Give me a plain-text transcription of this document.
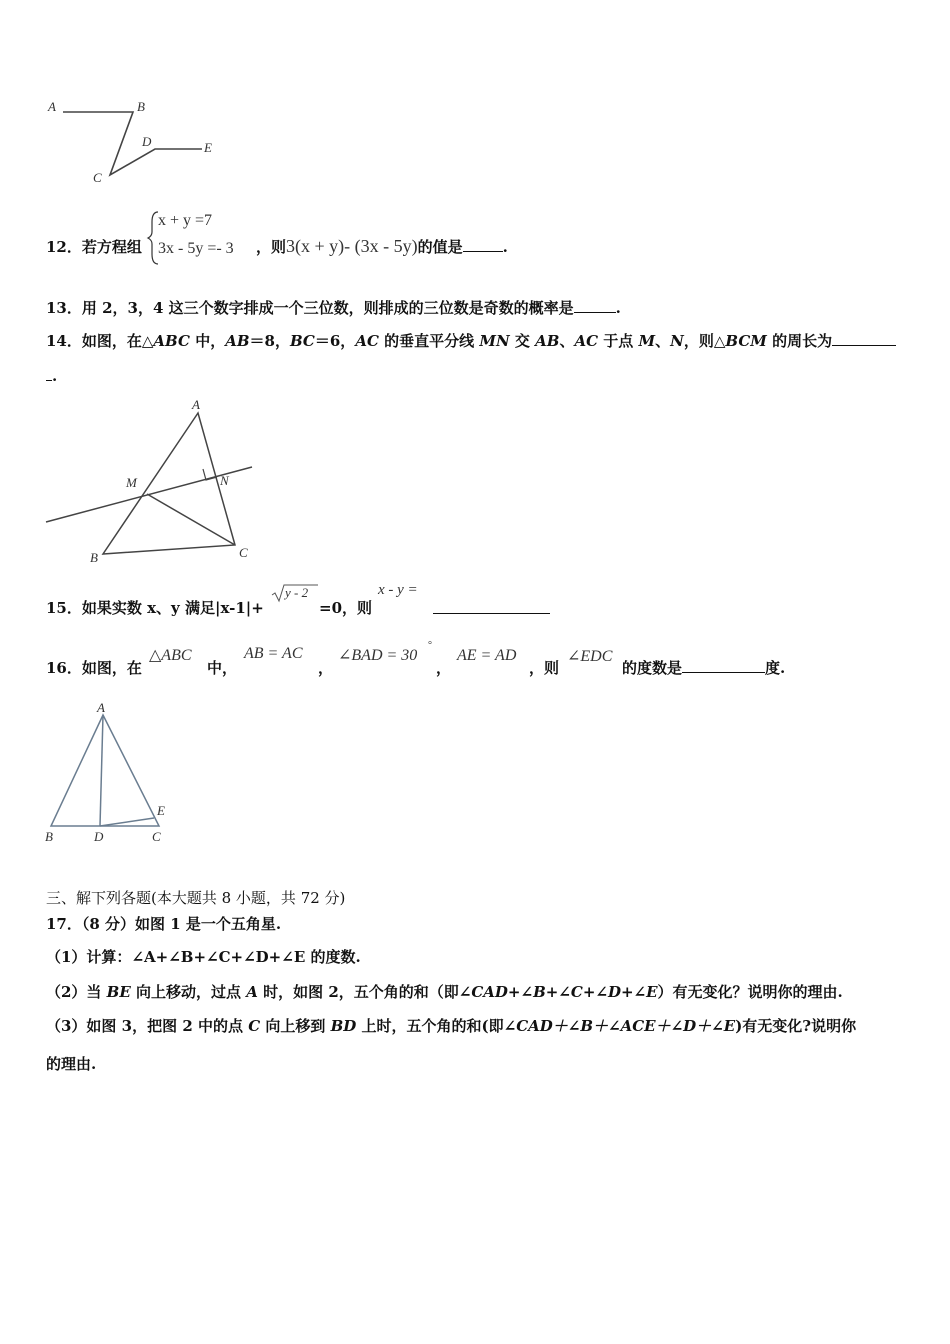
A	B
C
D	E
12．若方程组
x + y =7
3x - 5y =- 3 ，则3(x + y)- (3x - 5y)的值是	.
13．用 2，3，4 这三个数字排成一个三位数，则排成的三位数是奇数的概率是	.
14．如图，在△ABC 中，AB＝8，BC＝6，AC 的垂直平分线 MN 交 AB、AC 于点 M、N，则△BCM 的周长为
.
A
M	N
B	C
15．如果实数 x、y 满足|x-1|+
y - 2
=0，则
x - y =
16．如图，在
△ABC
中，
AB = AC
，
∠BAD = 30
°
，
AE = AD
，则
∠EDC
的度数是	度.
A
E
B	D	C
三、解下列各题(本大题共 8 小题，共 72 分)
17．（8 分）如图 1 是一个五角星.
（1）计算：∠A+∠B+∠C+∠D+∠E 的度数.
（2）当 BE 向上移动，过点 A 时，如图 2，五个角的和（即∠CAD+∠B+∠C+∠D+∠E）有无变化？说明你的理由.
（3）如图 3，把图 2 中的点 C 向上移到 BD 上时，五个角的和(即∠CAD＋∠B＋∠ACE＋∠D＋∠E)有无变化?说明你
的理由.
